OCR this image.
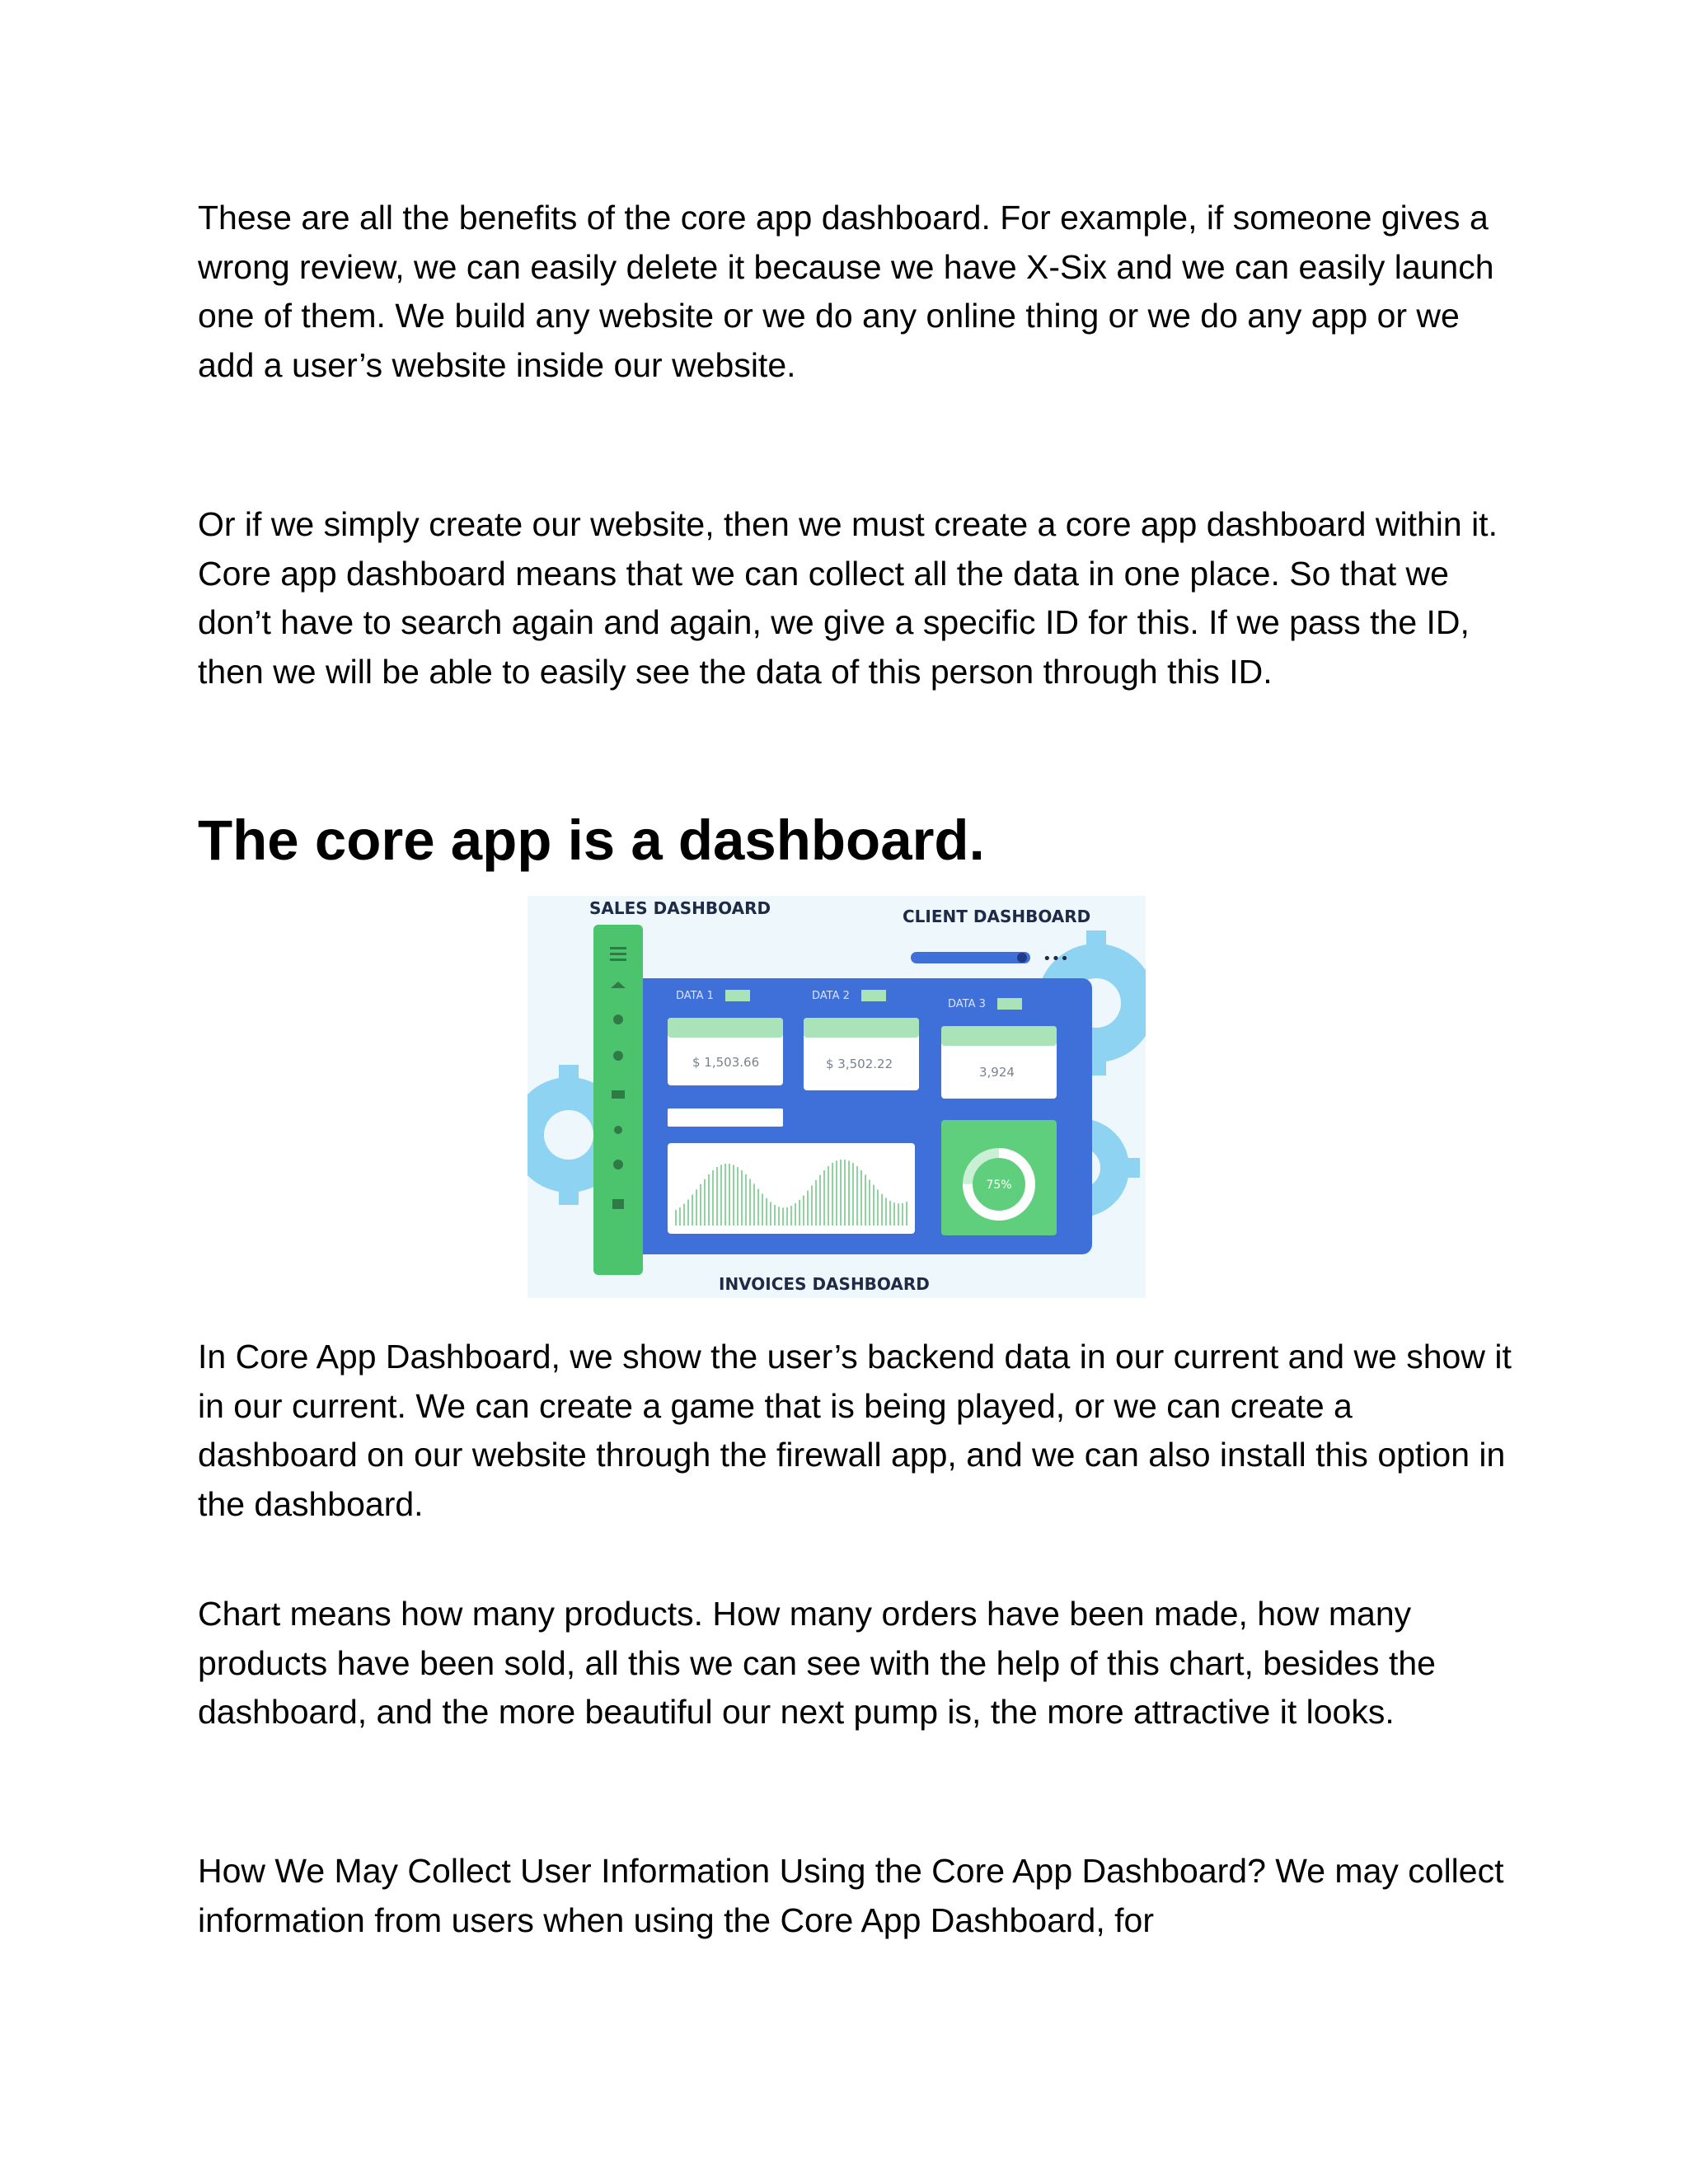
These are all the benefits of the core app dashboard. For example, if someone gives a wrong review, we can easily delete it because we have X-Six and we can easily launch one of them. We build any website or we do any online thing or we do any app or we add a user’s website inside our website.

Or if we simply create our website, then we must create a core app dashboard within it. Core app dashboard means that we can collect all the data in one place. So that we don’t have to search again and again, we give a specific ID for this. If we pass the ID, then we will be able to easily see the data of this person through this ID.

The core app is a dashboard.
SALES DASHBOARD	CLIENT DASHBOARD
•••
DATA 1
$ 1,503.66
DATA 2
$ 3,502.22
DATA 3
3,924
75%
INVOICES DASHBOARD

In Core App Dashboard, we show the user’s backend data in our current and we show it in our current. We can create a game that is being played, or we can create a dashboard on our website through the firewall app, and we can also install this option in the dashboard.

Chart means how many products. How many orders have been made, how many products have been sold, all this we can see with the help of this chart, besides the dashboard, and the more beautiful our next pump is, the more attractive it looks.

How We May Collect User Information Using the Core App Dashboard? We may collect information from users when using the Core App Dashboard, for
